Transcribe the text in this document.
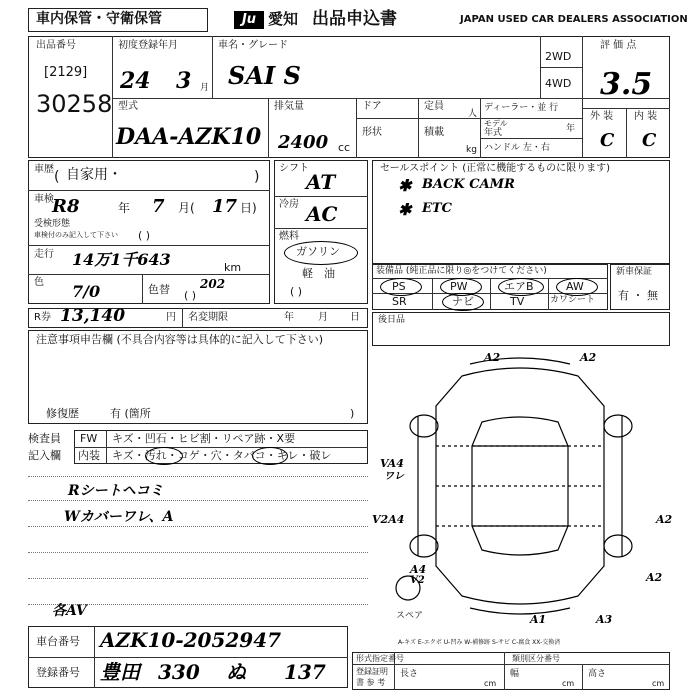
車内保管・守衛保管	Ju 愛知 出品申込書	JAPAN USED CAR DEALERS ASSOCIATION
出品番号
[2129]
30258
初度登録年月
24 3 月
車名・グレード
SAI S
2WD
4WD
評 価 点
3.5
外 装 内 装
C C
型式
DAA-AZK10
排気量
2400 cc
ドア	定員
人
形状	積載
kg
ディーラー・並 行
モデル
年式	年
ハンドル 左・右
車歴 ( 自家用・	)
車検
R8	年 7 月( 17 日)
受検形態
車検付のみ記入して下さい ( )
走行 14万1千643	km
色 7/0	色替	202
( )
シフト
AT
冷房 AC
燃料
ガソリン
軽　油
( )
セールスポイント (正常に機能するものに限ります)
✱ BACK CAMR
✱ ETC
装備品 (純正品に限り◎をつけてください)
PS	PW	エアB	AW
SR	ナビ	TV	カワシート
新車保証
有 ・ 無
R券 13,140	円 名変期限	年 月 日 後日品
注意事項申告欄 (不具合内容等は具体的に記入して下さい)
修復歴	有 (箇所	)
検査員
記入欄
FW キズ・凹石・ヒビ割・リペア跡・X要
内装 キズ・汚れ・コゲ・穴・タバコ・キレ・破レ
Rシートヘコミ
Wカバーワレ、A
A2	A2
VA4
ワレ
V2A4	A2
A4
V2	A2
A1	A3
スペア
A-キズ E-エクボ U-凹み W-補修跡 S-サビ C-腐食 XX-交換済
各AV
車台番号 AZK10-2052947
登録番号 豊田 330 ぬ 137
形式指定番号	類別区分番号
登録証明
書 参 考
長さ
cm
幅
cm
高さ
cm
